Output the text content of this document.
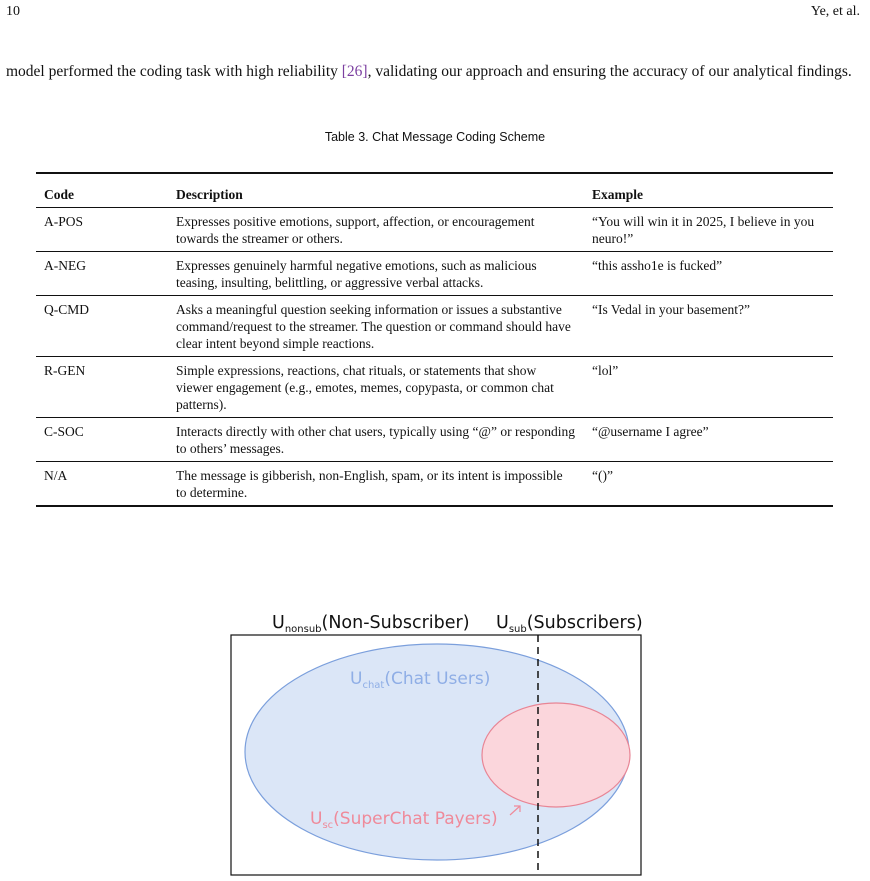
10	Ye, et al.
model performed the coding task with high reliability [26], validating our approach and ensuring the accuracy of our analytical findings.
Table 3. Chat Message Coding Scheme
Code	Description	Example
A-POS	Expresses positive emotions, support, affection, or encouragement towards the streamer or others.	“You will win it in 2025, I believe in you neuro!”
A-NEG	Expresses genuinely harmful negative emotions, such as malicious teasing, insulting, belittling, or aggressive verbal attacks.	“this assho1e is fucked”
Q-CMD	Asks a meaningful question seeking information or issues a substantive command/request to the streamer. The question or command should have clear intent beyond simple reactions.	“Is Vedal in your basement?”
R-GEN	Simple expressions, reactions, chat rituals, or statements that show viewer engagement (e.g., emotes, memes, copypasta, or common chat patterns).	“lol”
C-SOC	Interacts directly with other chat users, typically using “@” or responding to others’ messages.	“@username I agree”
N/A	The message is gibberish, non-English, spam, or its intent is impossible to determine.	“()”
$U_{nonsub}(Non-Subscriber)$ $U_{sub}(Subscribers)$
$U_{chat}(Chat$ Users)
$U_{sc}(SuperChat$ Payers)
